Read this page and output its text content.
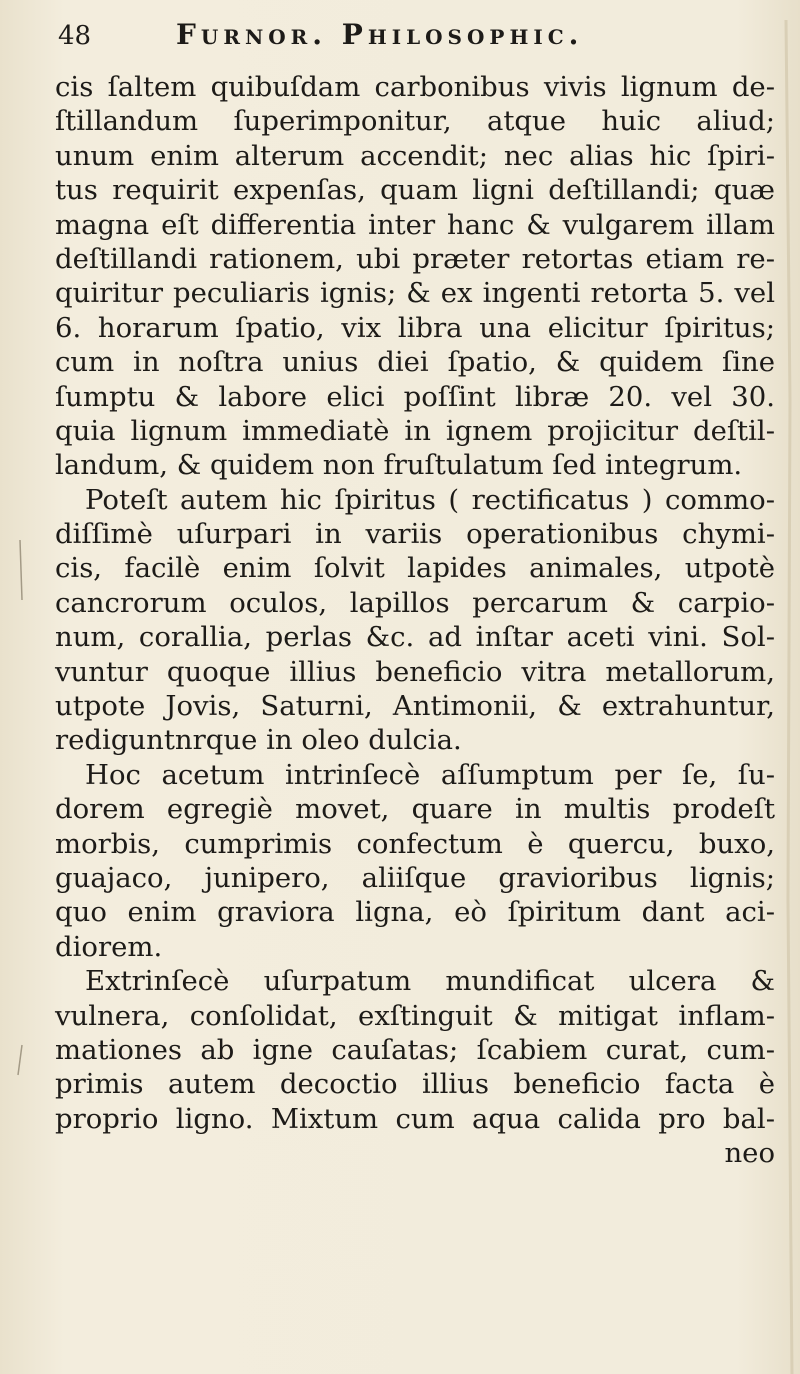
48	Furnor. Philosophic.
cis ſaltem quibuſdam carbonibus vivis lignum de-
ſtillandum ſuperimponitur, atque huic aliud;
unum enim alterum accendit; nec alias hic ſpiri-
tus requirit expenſas, quam ligni deſtillandi; quæ
magna eſt differentia inter hanc & vulgarem illam
deſtillandi rationem, ubi præter retortas etiam re-
quiritur peculiaris ignis; & ex ingenti retorta 5. vel
6. horarum ſpatio, vix libra una elicitur ſpiritus;
cum in noſtra unius diei ſpatio, & quidem ſine
ſumptu & labore elici poſſint libræ 20. vel 30.
quia lignum immediatè in ignem projicitur deſtil-
landum, & quidem non fruſtulatum ſed integrum.
Poteſt autem hic ſpiritus ( rectificatus ) commo-
diſſimè uſurpari in variis operationibus chymi-
cis, facilè enim ſolvit lapides animales, utpotè
cancrorum oculos, lapillos percarum & carpio-
num, corallia, perlas &c. ad inſtar aceti vini. Sol-
vuntur quoque illius beneficio vitra metallorum,
utpote Jovis, Saturni, Antimonii, & extrahuntur,
rediguntnrque in oleo dulcia.
Hoc acetum intrinſecè aſſumptum per ſe, ſu-
dorem egregiè movet, quare in multis prodeſt
morbis, cumprimis confectum è quercu, buxo,
guajaco, junipero, aliiſque gravioribus lignis;
quo enim graviora ligna, eò ſpiritum dant aci-
diorem.
Extrinſecè uſurpatum mundificat ulcera &
vulnera, conſolidat, exſtinguit & mitigat inflam-
mationes ab igne cauſatas; ſcabiem curat, cum-
primis autem decoctio illius beneficio facta è
proprio ligno. Mixtum cum aqua calida pro bal-
neo
